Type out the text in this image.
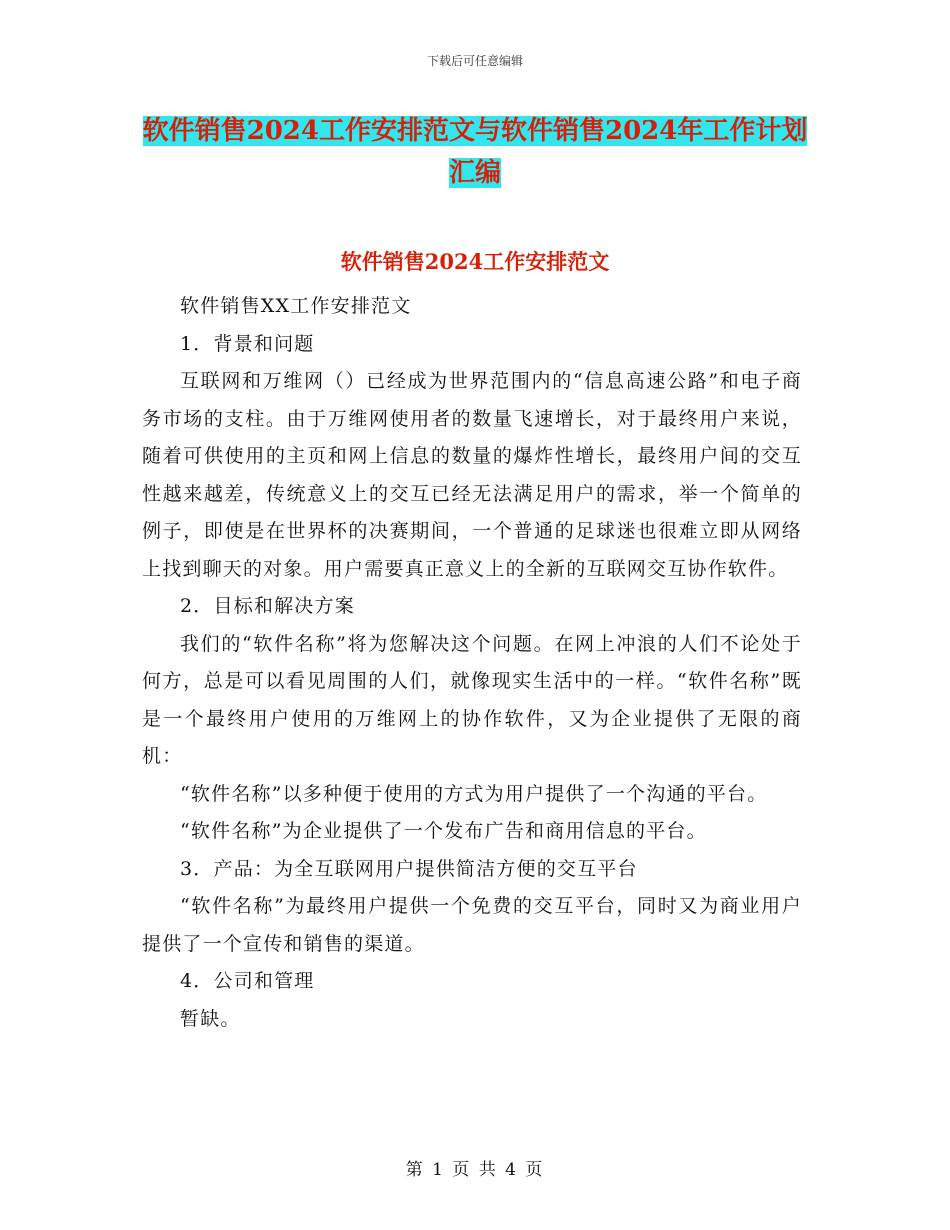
下载后可任意编辑
软件销售2024工作安排范文与软件销售2024年工作计划汇编
软件销售2024工作安排范文

软件销售XX工作安排范文

1．背景和问题

互联网和万维网（）已经成为世界范围内的“信息高速公路”和电子商务市场的支柱。由于万维网使用者的数量飞速增长，对于最终用户来说，随着可供使用的主页和网上信息的数量的爆炸性增长，最终用户间的交互性越来越差，传统意义上的交互已经无法满足用户的需求，举一个简单的例子，即使是在世界杯的决赛期间，一个普通的足球迷也很难立即从网络上找到聊天的对象。用户需要真正意义上的全新的互联网交互协作软件。

2．目标和解决方案

我们的“软件名称”将为您解决这个问题。在网上冲浪的人们不论处于何方，总是可以看见周围的人们，就像现实生活中的一样。“软件名称”既是一个最终用户使用的万维网上的协作软件，又为企业提供了无限的商机：

“软件名称”以多种便于使用的方式为用户提供了一个沟通的平台。

“软件名称”为企业提供了一个发布广告和商用信息的平台。

3．产品：为全互联网用户提供简洁方便的交互平台

“软件名称”为最终用户提供一个免费的交互平台，同时又为商业用户提供了一个宣传和销售的渠道。

4．公司和管理

暂缺。

第 1 页 共 4 页
